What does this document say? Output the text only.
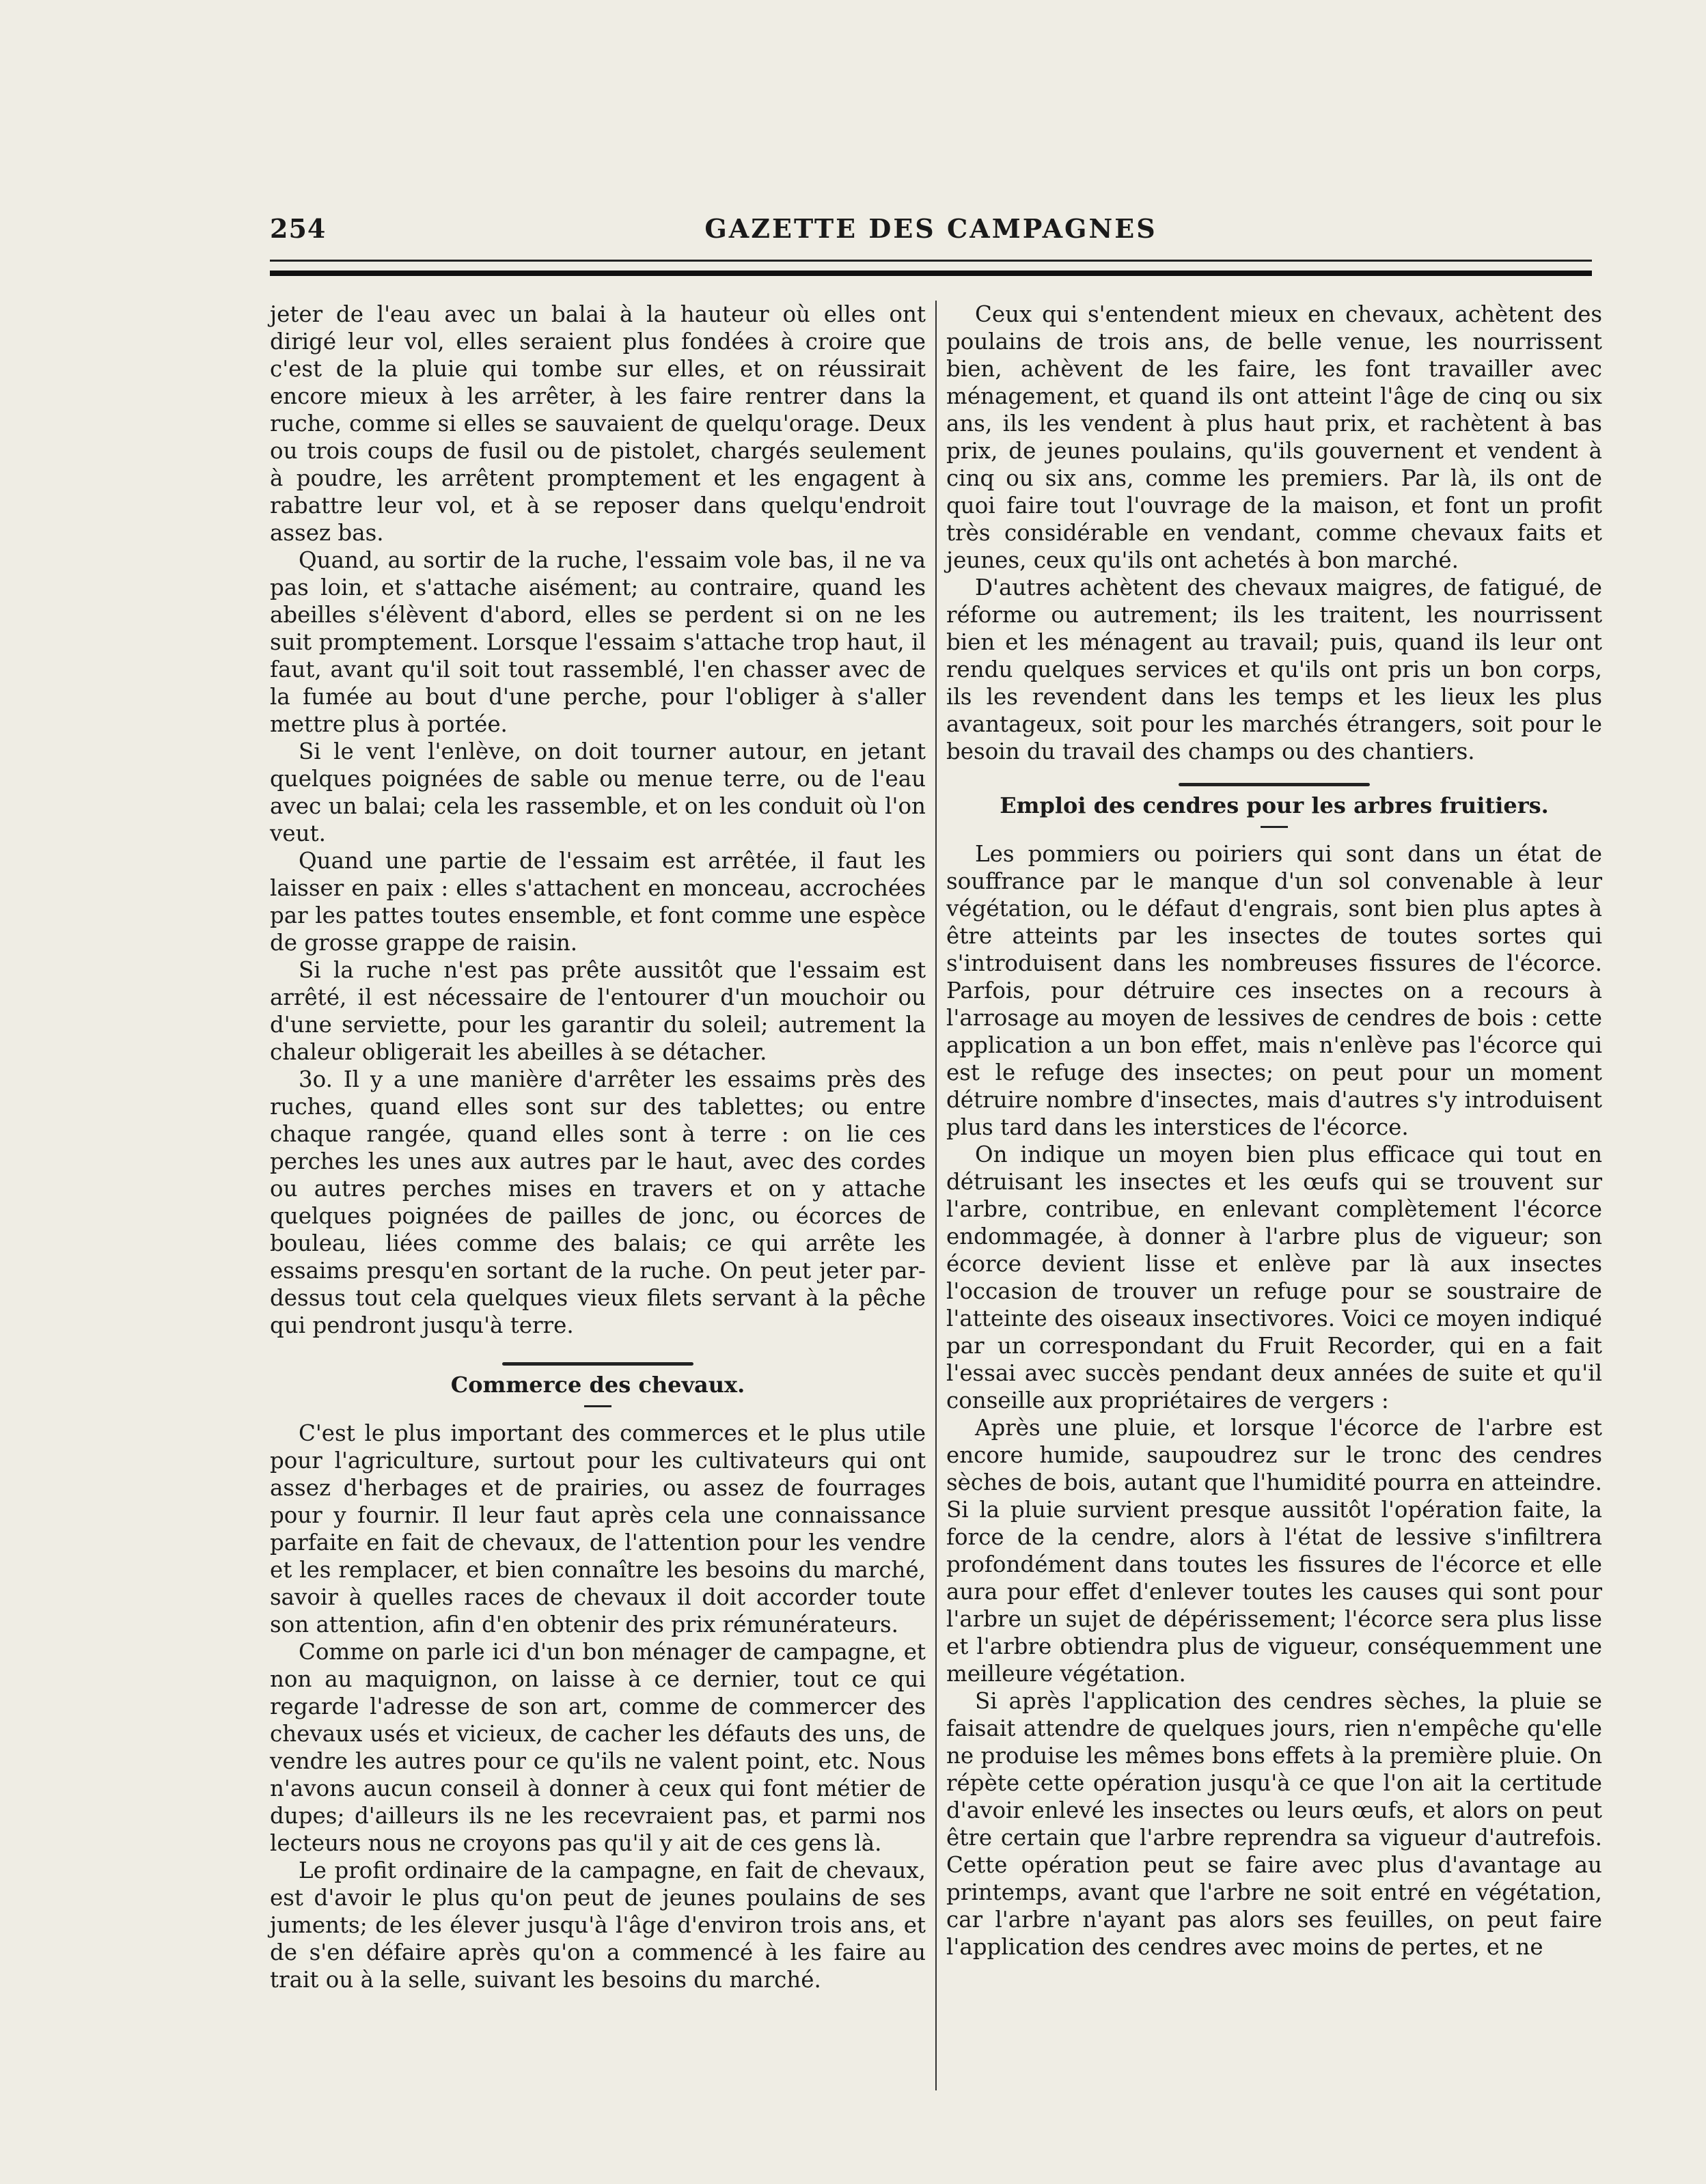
254	GAZETTE DES CAMPAGNES

jeter de l'eau avec un balai à la hauteur où elles ont dirigé leur vol, elles seraient plus fondées à croire que c'est de la pluie qui tombe sur elles, et on réussirait encore mieux à les arrêter, à les faire rentrer dans la ruche, comme si elles se sauvaient de quelqu'orage. Deux ou trois coups de fusil ou de pistolet, chargés seulement à poudre, les arrêtent promptement et les engagent à rabattre leur vol, et à se reposer dans quelqu'endroit assez bas.

Quand, au sortir de la ruche, l'essaim vole bas, il ne va pas loin, et s'attache aisément; au contraire, quand les abeilles s'élèvent d'abord, elles se perdent si on ne les suit promptement. Lorsque l'essaim s'attache trop haut, il faut, avant qu'il soit tout rassemblé, l'en chasser avec de la fumée au bout d'une perche, pour l'obliger à s'aller mettre plus à portée.

Si le vent l'enlève, on doit tourner autour, en jetant quelques poignées de sable ou menue terre, ou de l'eau avec un balai; cela les rassemble, et on les conduit où l'on veut.

Quand une partie de l'essaim est arrêtée, il faut les laisser en paix : elles s'attachent en monceau, accrochées par les pattes toutes ensemble, et font comme une espèce de grosse grappe de raisin.

Si la ruche n'est pas prête aussitôt que l'essaim est arrêté, il est nécessaire de l'entourer d'un mouchoir ou d'une serviette, pour les garantir du soleil; autrement la chaleur obligerait les abeilles à se détacher.

3o. Il y a une manière d'arrêter les essaims près des ruches, quand elles sont sur des tablettes; ou entre chaque rangée, quand elles sont à terre : on lie ces perches les unes aux autres par le haut, avec des cordes ou autres perches mises en travers et on y attache quelques poignées de pailles de jonc, ou écorces de bouleau, liées comme des balais; ce qui arrête les essaims presqu'en sortant de la ruche. On peut jeter par-dessus tout cela quelques vieux filets servant à la pêche qui pendront jusqu'à terre.

Commerce des chevaux.

C'est le plus important des commerces et le plus utile pour l'agriculture, surtout pour les cultivateurs qui ont assez d'herbages et de prairies, ou assez de fourrages pour y fournir. Il leur faut après cela une connaissance parfaite en fait de chevaux, de l'attention pour les vendre et les remplacer, et bien connaître les besoins du marché, savoir à quelles races de chevaux il doit accorder toute son attention, afin d'en obtenir des prix rémunérateurs.

Comme on parle ici d'un bon ménager de campagne, et non au maquignon, on laisse à ce dernier, tout ce qui regarde l'adresse de son art, comme de commercer des chevaux usés et vicieux, de cacher les défauts des uns, de vendre les autres pour ce qu'ils ne valent point, etc. Nous n'avons aucun conseil à donner à ceux qui font métier de dupes; d'ailleurs ils ne les recevraient pas, et parmi nos lecteurs nous ne croyons pas qu'il y ait de ces gens là.

Le profit ordinaire de la campagne, en fait de chevaux, est d'avoir le plus qu'on peut de jeunes poulains de ses juments; de les élever jusqu'à l'âge d'environ trois ans, et de s'en défaire après qu'on a commencé à les faire au trait ou à la selle, suivant les besoins du marché.

Ceux qui s'entendent mieux en chevaux, achètent des poulains de trois ans, de belle venue, les nourrissent bien, achèvent de les faire, les font travailler avec ménagement, et quand ils ont atteint l'âge de cinq ou six ans, ils les vendent à plus haut prix, et rachètent à bas prix, de jeunes poulains, qu'ils gouvernent et vendent à cinq ou six ans, comme les premiers. Par là, ils ont de quoi faire tout l'ouvrage de la maison, et font un profit très considérable en vendant, comme chevaux faits et jeunes, ceux qu'ils ont achetés à bon marché.

D'autres achètent des chevaux maigres, de fatigué, de réforme ou autrement; ils les traitent, les nourrissent bien et les ménagent au travail; puis, quand ils leur ont rendu quelques services et qu'ils ont pris un bon corps, ils les revendent dans les temps et les lieux les plus avantageux, soit pour les marchés étrangers, soit pour le besoin du travail des champs ou des chantiers.

Emploi des cendres pour les arbres fruitiers.

Les pommiers ou poiriers qui sont dans un état de souffrance par le manque d'un sol convenable à leur végétation, ou le défaut d'engrais, sont bien plus aptes à être atteints par les insectes de toutes sortes qui s'introduisent dans les nombreuses fissures de l'écorce. Parfois, pour détruire ces insectes on a recours à l'arrosage au moyen de lessives de cendres de bois : cette application a un bon effet, mais n'enlève pas l'écorce qui est le refuge des insectes; on peut pour un moment détruire nombre d'insectes, mais d'autres s'y introduisent plus tard dans les interstices de l'écorce.

On indique un moyen bien plus efficace qui tout en détruisant les insectes et les œufs qui se trouvent sur l'arbre, contribue, en enlevant complètement l'écorce endommagée, à donner à l'arbre plus de vigueur; son écorce devient lisse et enlève par là aux insectes l'occasion de trouver un refuge pour se soustraire de l'atteinte des oiseaux insectivores. Voici ce moyen indiqué par un correspondant du Fruit Recorder, qui en a fait l'essai avec succès pendant deux années de suite et qu'il conseille aux propriétaires de vergers :

Après une pluie, et lorsque l'écorce de l'arbre est encore humide, saupoudrez sur le tronc des cendres sèches de bois, autant que l'humidité pourra en atteindre. Si la pluie survient presque aussitôt l'opération faite, la force de la cendre, alors à l'état de lessive s'infiltrera profondément dans toutes les fissures de l'écorce et elle aura pour effet d'enlever toutes les causes qui sont pour l'arbre un sujet de dépérissement; l'écorce sera plus lisse et l'arbre obtiendra plus de vigueur, conséquemment une meilleure végétation.

Si après l'application des cendres sèches, la pluie se faisait attendre de quelques jours, rien n'empêche qu'elle ne produise les mêmes bons effets à la première pluie. On répète cette opération jusqu'à ce que l'on ait la certitude d'avoir enlevé les insectes ou leurs œufs, et alors on peut être certain que l'arbre reprendra sa vigueur d'autrefois. Cette opération peut se faire avec plus d'avantage au printemps, avant que l'arbre ne soit entré en végétation, car l'arbre n'ayant pas alors ses feuilles, on peut faire l'application des cendres avec moins de pertes, et ne
